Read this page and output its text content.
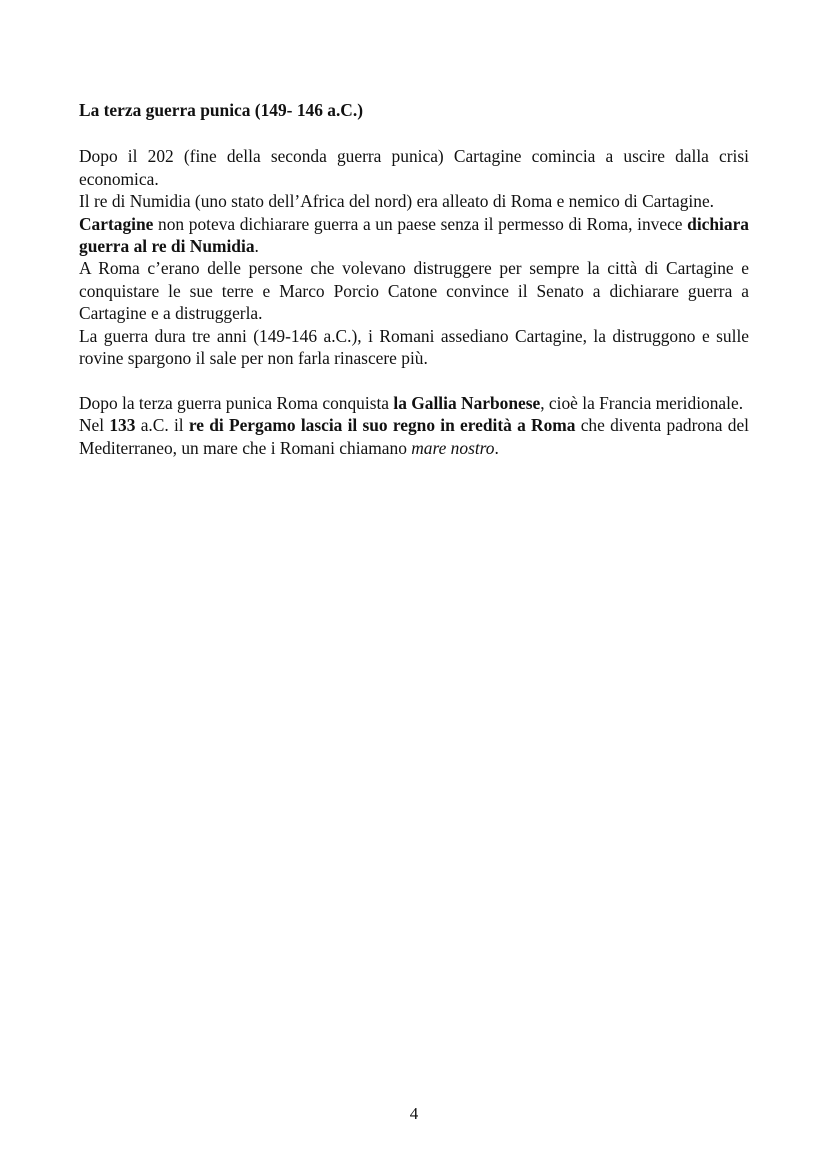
La terza guerra punica (149- 146 a.C.)

Dopo il 202 (fine della seconda guerra punica) Cartagine comincia a uscire dalla crisi economica.

Il re di Numidia (uno stato dell’Africa del nord) era alleato di Roma e nemico di Cartagine.

Cartagine non poteva dichiarare guerra a un paese senza il permesso di Roma, invece dichiara guerra al re di Numidia.

A Roma c’erano delle persone che volevano distruggere per sempre la città di Cartagine e conquistare le sue terre e Marco Porcio Catone convince il Senato a dichiarare guerra a Cartagine e a distruggerla.

La guerra dura tre anni (149-146 a.C.), i Romani assediano Cartagine, la distruggono e sulle rovine spargono il sale per non farla rinascere più.

Dopo la terza guerra punica Roma conquista la Gallia Narbonese, cioè la Francia meridionale.

Nel 133 a.C. il re di Pergamo lascia il suo regno in eredità a Roma che diventa padrona del Mediterraneo, un mare che i Romani chiamano mare nostro.

4
